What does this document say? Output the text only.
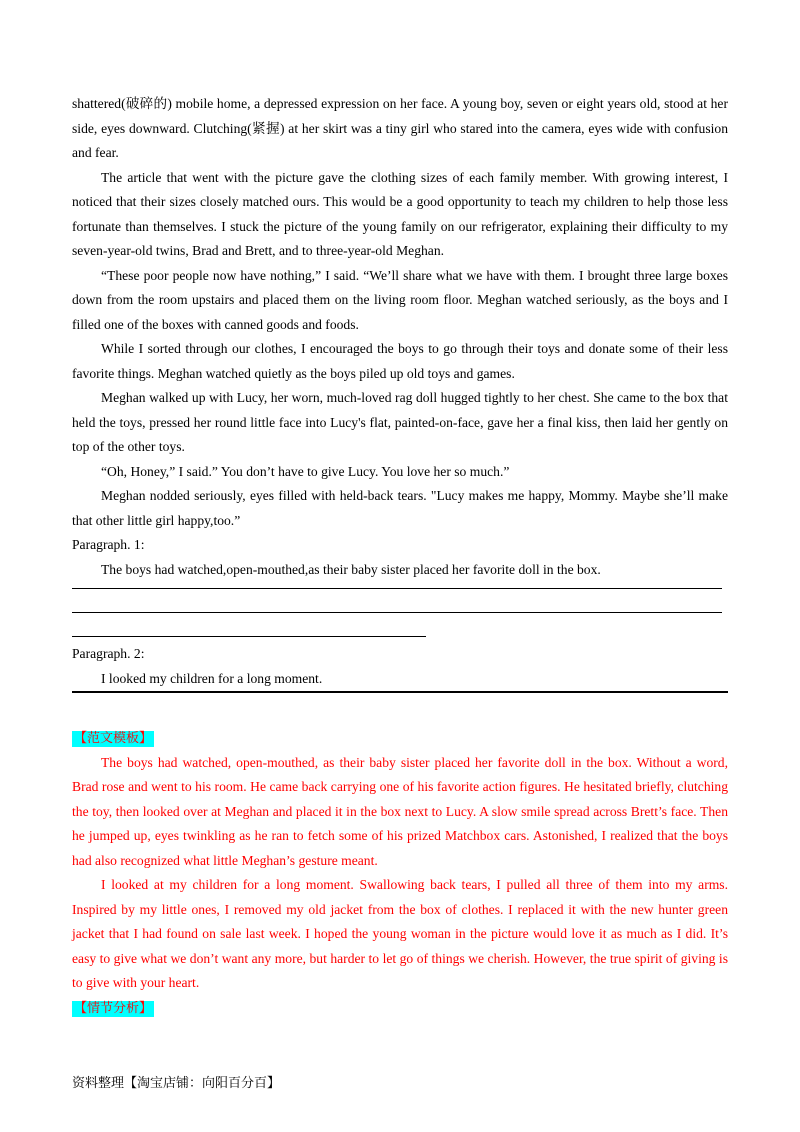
shattered(破碎的) mobile home, a depressed expression on her face. A young boy, seven or eight years old, stood at her side, eyes downward. Clutching(紧握) at her skirt was a tiny girl who stared into the camera, eyes wide with confusion and fear.

The article that went with the picture gave the clothing sizes of each family member. With growing interest, I noticed that their sizes closely matched ours. This would be a good opportunity to teach my children to help those less fortunate than themselves. I stuck the picture of the young family on our refrigerator, explaining their difficulty to my seven-year-old twins, Brad and Brett, and to three-year-old Meghan.

“These poor people now have nothing,” I said. “We’ll share what we have with them. I brought three large boxes down from the room upstairs and placed them on the living room floor. Meghan watched seriously, as the boys and I filled one of the boxes with canned goods and foods.

While I sorted through our clothes, I encouraged the boys to go through their toys and donate some of their less favorite things. Meghan watched quietly as the boys piled up old toys and games.

Meghan walked up with Lucy, her worn, much-loved rag doll hugged tightly to her chest. She came to the box that held the toys, pressed her round little face into Lucy's flat, painted-on-face, gave her a final kiss, then laid her gently on top of the other toys.

“Oh, Honey,” I said.” You don’t have to give Lucy. You love her so much.”

Meghan nodded seriously, eyes filled with held-back tears. "Lucy makes me happy, Mommy. Maybe she’ll make that other little girl happy,too.”

Paragraph. 1:

The boys had watched,open-mouthed,as their baby sister placed her favorite doll in the box.

Paragraph. 2:

I looked my children for a long moment.

【范文模板】

The boys had watched, open-mouthed, as their baby sister placed her favorite doll in the box. Without a word, Brad rose and went to his room. He came back carrying one of his favorite action figures. He hesitated briefly, clutching the toy, then looked over at Meghan and placed it in the box next to Lucy. A slow smile spread across Brett’s face. Then he jumped up, eyes twinkling as he ran to fetch some of his prized Matchbox cars. Astonished, I realized that the boys had also recognized what little Meghan’s gesture meant.

I looked at my children for a long moment. Swallowing back tears, I pulled all three of them into my arms. Inspired by my little ones, I removed my old jacket from the box of clothes. I replaced it with the new hunter green jacket that I had found on sale last week. I hoped the young woman in the picture would love it as much as I did. It’s easy to give what we don’t want any more, but harder to let go of things we cherish. However, the true spirit of giving is to give with your heart.

【情节分析】
资料整理【淘宝店铺：向阳百分百】
